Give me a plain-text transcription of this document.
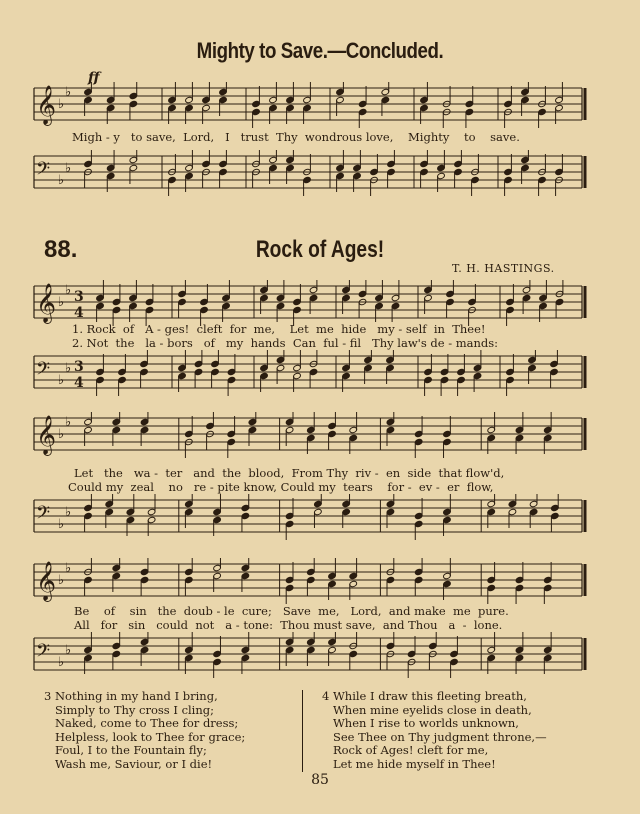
Mighty to Save.—Concluded.
ff
𝄞 ♭
♭
Migh - y   to save,  Lord,   I   trust  Thy  wondrous love,    Mighty    to    save.
𝄢 ♭
♭
88.	Rock of Ages!
T. H. HASTINGS.
𝄞 ♭
♭ 3
4
1. Rock  of   A - ges!  cleft  for  me,    Let  me  hide   my - self  in  Thee!
2. Not  the   la - bors   of   my  hands  Can  ful - fil   Thy law's de - mands:
𝄢 ♭
♭ 3
4
𝄞 ♭
♭
Let   the   wa -  ter   and  the  blood,  From Thy  riv -  en  side  that flow'd,
Could my  zeal    no   re - pite know, Could my  tears    for -  ev -  er  flow,
𝄢 ♭
♭
𝄞 ♭
♭
Be    of    sin   the  doub - le  cure;   Save  me,   Lord,  and make  me  pure.
All   for   sin   could  not   a - tone:  Thou must save,  and Thou   a  -  lone.
𝄢 ♭
♭
3 Nothing in my hand I bring,
Simply to Thy cross I cling;
Naked, come to Thee for dress;
Helpless, look to Thee for grace;
Foul, I to the Fountain fly;
Wash me, Saviour, or I die!
4 While I draw this fleeting breath,
When mine eyelids close in death,
When I rise to worlds unknown,
See Thee on Thy judgment throne,—
Rock of Ages! cleft for me,
Let me hide myself in Thee!
85
